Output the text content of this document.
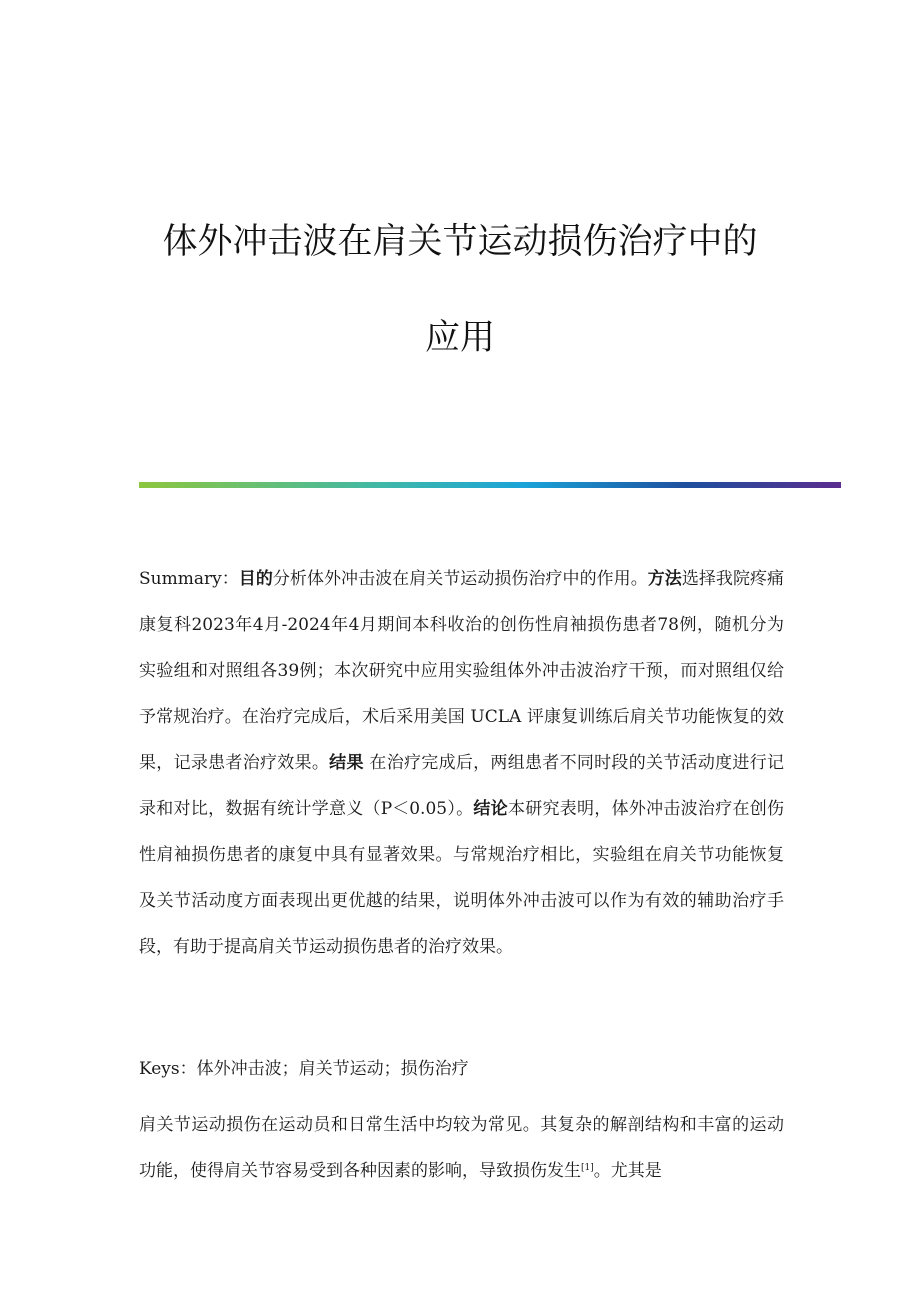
体外冲击波在肩关节运动损伤治疗中的
应用

Summary：目的分析体外冲击波在肩关节运动损伤治疗中的作用。方法选择我院疼痛康复科2023年4月-2024年4月期间本科收治的创伤性肩袖损伤患者78例，随机分为实验组和对照组各39例；本次研究中应用实验组体外冲击波治疗干预，而对照组仅给予常规治疗。在治疗完成后，术后采用美国 UCLA 评康复训练后肩关节功能恢复的效果，记录患者治疗效果。结果 在治疗完成后，两组患者不同时段的关节活动度进行记录和对比，数据有统计学意义（P＜0.05）。结论本研究表明，体外冲击波治疗在创伤性肩袖损伤患者的康复中具有显著效果。与常规治疗相比，实验组在肩关节功能恢复及关节活动度方面表现出更优越的结果，说明体外冲击波可以作为有效的辅助治疗手段，有助于提高肩关节运动损伤患者的治疗效果。

Keys：体外冲击波；肩关节运动；损伤治疗

肩关节运动损伤在运动员和日常生活中均较为常见。其复杂的解剖结构和丰富的运动功能，使得肩关节容易受到各种因素的影响，导致损伤发生[1]。尤其是
